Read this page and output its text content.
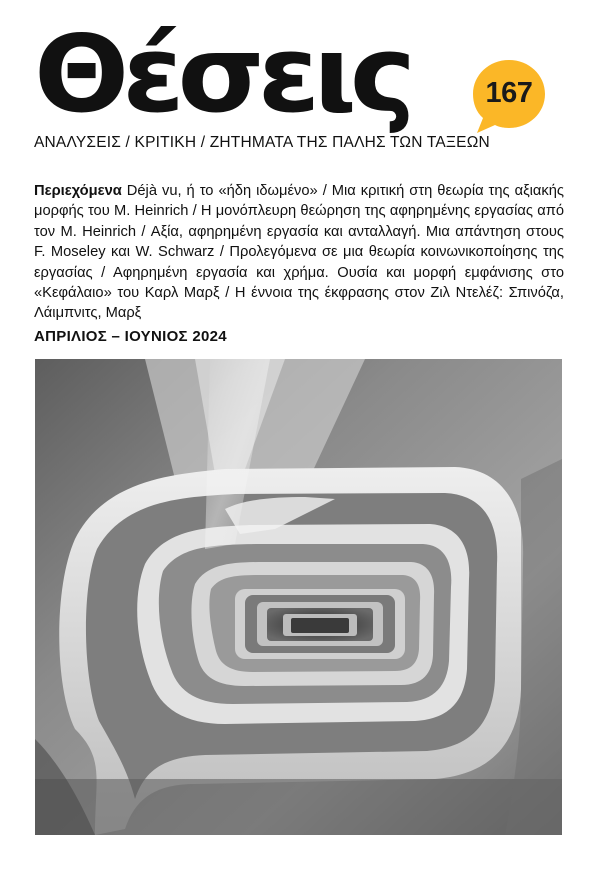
Θέσεις	167
ΑΝΑΛΥΣΕΙΣ / ΚΡΙΤΙΚΗ / ΖΗΤΗΜΑΤΑ ΤΗΣ ΠΑΛΗΣ ΤΩΝ ΤΑΞΕΩΝ
Περιεχόμενα Déjà vu, ή το «ήδη ιδωμένο» / Μια κριτική στη θεωρία της αξιακής μορφής του M. Heinrich / Η μονόπλευρη θεώρηση της αφηρημένης εργασίας από τον M. Heinrich / Αξία, αφηρημένη εργασία και ανταλλαγή. Μια απάντηση στους F. Moseley και W. Schwarz / Προλεγόμενα σε μια θεωρία κοινωνικοποίησης της εργασίας / Αφηρημένη εργασία και χρήμα. Ουσία και μορφή εμφάνισης στο «Κεφάλαιο» του Καρλ Μαρξ / Η έννοια της έκφρασης στον Ζιλ Ντελέζ: Σπινόζα, Λάιμπνιτς, Μαρξ
ΑΠΡΙΛΙΟΣ – ΙΟΥΝΙΟΣ 2024
